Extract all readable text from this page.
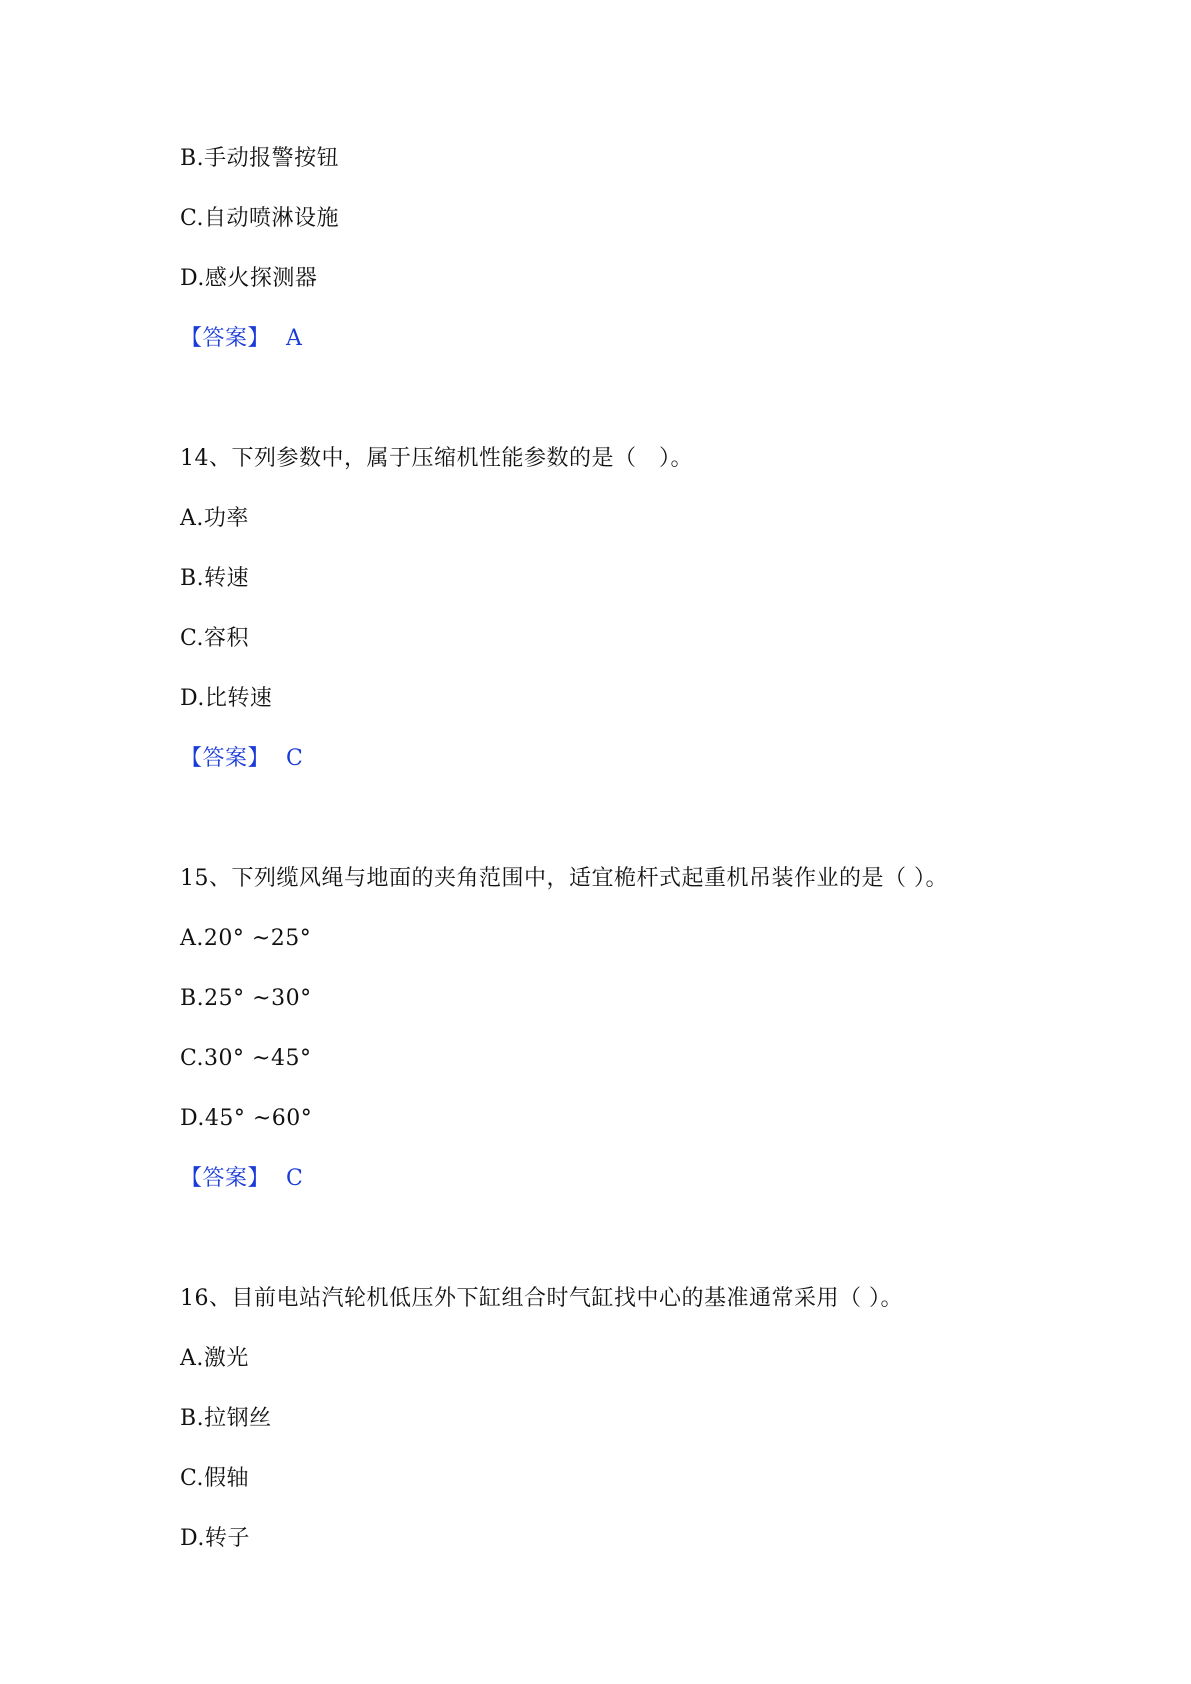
B.手动报警按钮
C.自动喷淋设施
D.感火探测器
【答案】 A
14、下列参数中，属于压缩机性能参数的是（   ）。
A.功率
B.转速
C.容积
D.比转速
【答案】 C
15、下列缆风绳与地面的夹角范围中，适宜桅杆式起重机吊装作业的是（ ）。
A.20° ~25°
B.25° ~30°
C.30° ~45°
D.45° ~60°
【答案】 C
16、目前电站汽轮机低压外下缸组合时气缸找中心的基准通常采用（ ）。
A.激光
B.拉钢丝
C.假轴
D.转子
